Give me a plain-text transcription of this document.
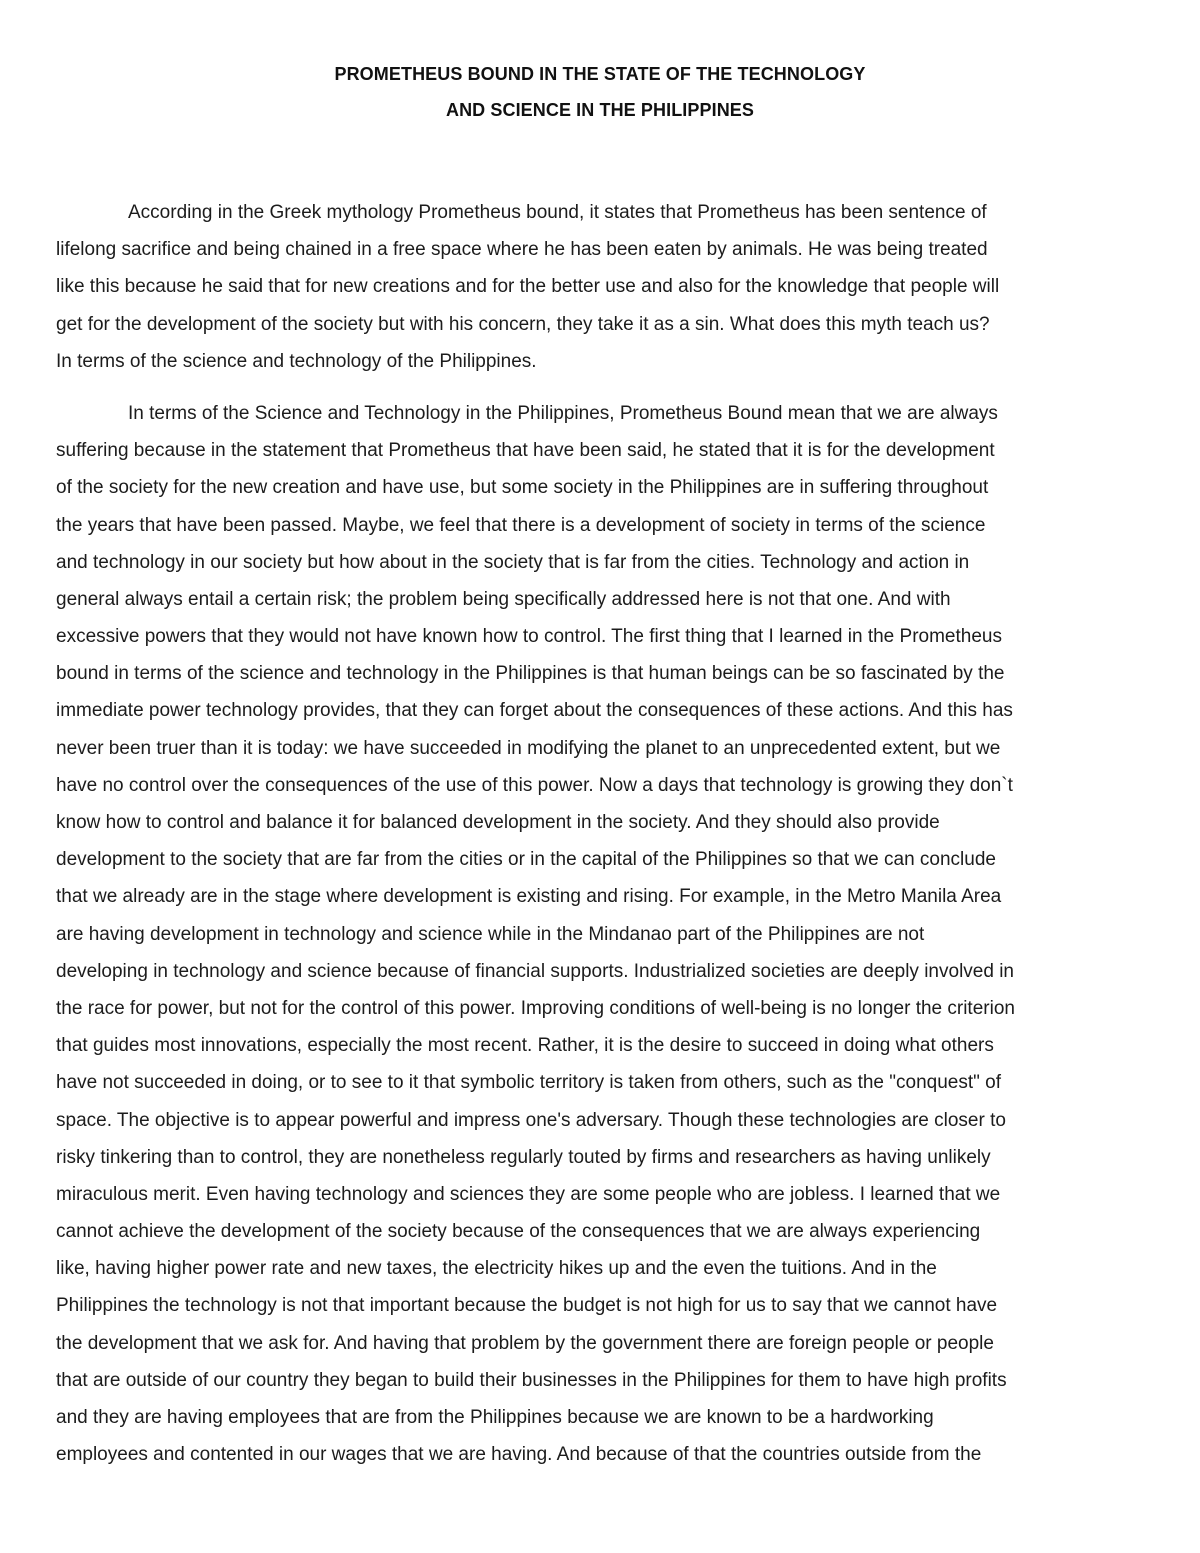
PROMETHEUS BOUND IN THE STATE OF THE TECHNOLOGY
AND SCIENCE IN THE PHILIPPINES
According in the Greek mythology Prometheus bound, it states that Prometheus has been sentence of
lifelong sacrifice and being chained in a free space where he has been eaten by animals. He was being treated
like this because he said that for new creations and for the better use and also for the knowledge that people will
get for the development of the society but with his concern, they take it as a sin. What does this myth teach us?
In terms of the science and technology of the Philippines.
In terms of the Science and Technology in the Philippines, Prometheus Bound mean that we are always
suffering because in the statement that Prometheus that have been said, he stated that it is for the development
of the society for the new creation and have use, but some society in the Philippines are in suffering throughout
the years that have been passed. Maybe, we feel that there is a development of society in terms of the science
and technology in our society but how about in the society that is far from the cities. Technology and action in
general always entail a certain risk; the problem being specifically addressed here is not that one. And with
excessive powers that they would not have known how to control. The first thing that I learned in the Prometheus
bound in terms of the science and technology in the Philippines is that human beings can be so fascinated by the
immediate power technology provides, that they can forget about the consequences of these actions. And this has
never been truer than it is today: we have succeeded in modifying the planet to an unprecedented extent, but we
have no control over the consequences of the use of this power. Now a days that technology is growing they don`t
know how to control and balance it for balanced development in the society. And they should also provide
development to the society that are far from the cities or in the capital of the Philippines so that we can conclude
that we already are in the stage where development is existing and rising. For example, in the Metro Manila Area
are having development in technology and science while in the Mindanao part of the Philippines are not
developing in technology and science because of financial supports. Industrialized societies are deeply involved in
the race for power, but not for the control of this power. Improving conditions of well-being is no longer the criterion
that guides most innovations, especially the most recent. Rather, it is the desire to succeed in doing what others
have not succeeded in doing, or to see to it that symbolic territory is taken from others, such as the "conquest" of
space. The objective is to appear powerful and impress one's adversary. Though these technologies are closer to
risky tinkering than to control, they are nonetheless regularly touted by firms and researchers as having unlikely
miraculous merit. Even having technology and sciences they are some people who are jobless. I learned that we
cannot achieve the development of the society because of the consequences that we are always experiencing
like, having higher power rate and new taxes, the electricity hikes up and the even the tuitions. And in the
Philippines the technology is not that important because the budget is not high for us to say that we cannot have
the development that we ask for. And having that problem by the government there are foreign people or people
that are outside of our country they began to build their businesses in the Philippines for them to have high profits
and they are having employees that are from the Philippines because we are known to be a hardworking
employees and contented in our wages that we are having. And because of that the countries outside from the
